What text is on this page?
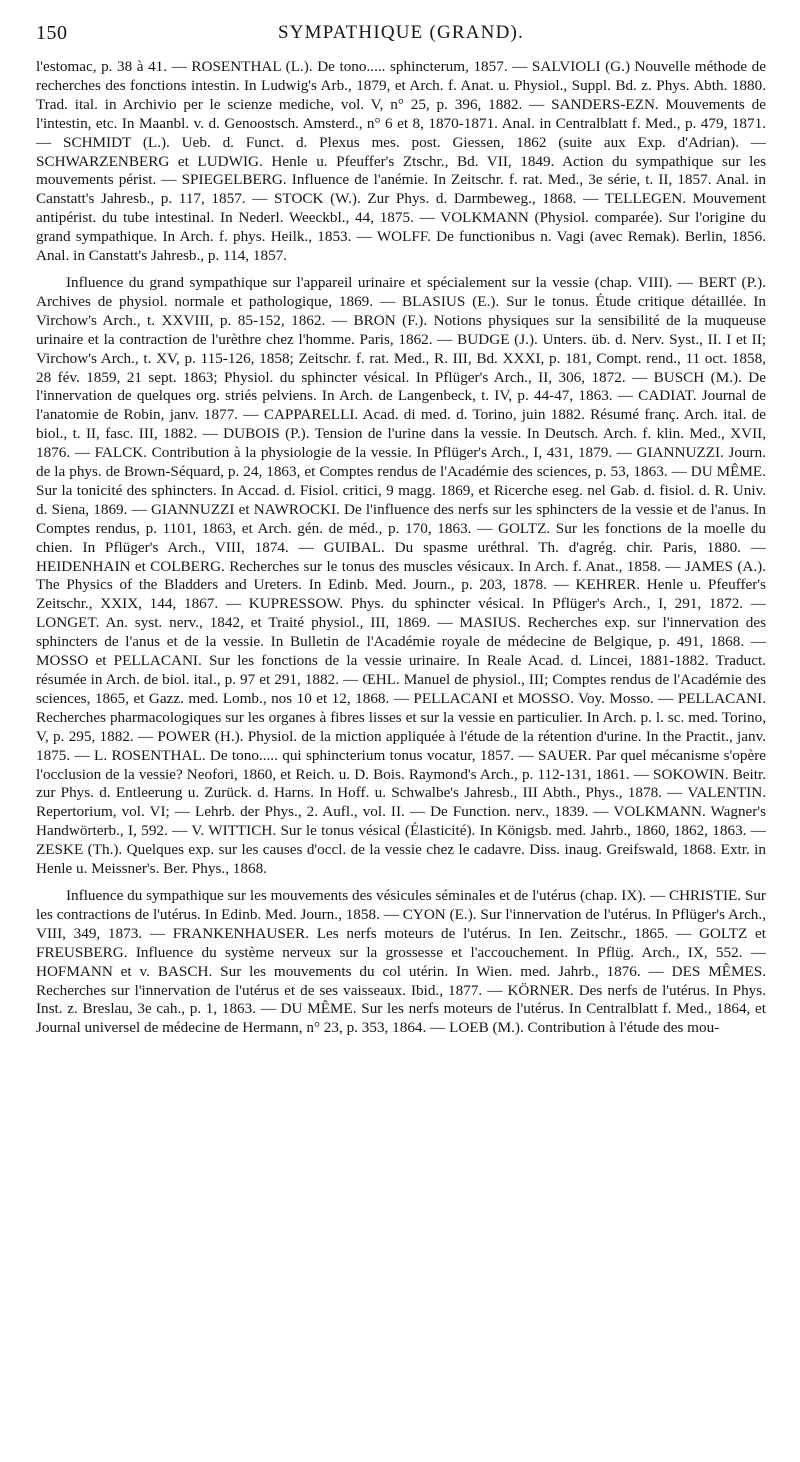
150	SYMPATHIQUE (GRAND).

l'estomac, p. 38 à 41. — ROSENTHAL (L.). De tono..... sphincterum, 1857. — SALVIOLI (G.) Nouvelle méthode de recherches des fonctions intestin. In Ludwig's Arb., 1879, et Arch. f. Anat. u. Physiol., Suppl. Bd. z. Phys. Abth. 1880. Trad. ital. in Archivio per le scienze mediche, vol. V, n° 25, p. 396, 1882. — SANDERS-EZN. Mouvements de l'intestin, etc. In Maanbl. v. d. Genoostsch. Amsterd., n° 6 et 8, 1870-1871. Anal. in Centralblatt f. Med., p. 479, 1871. — SCHMIDT (L.). Ueb. d. Funct. d. Plexus mes. post. Giessen, 1862 (suite aux Exp. d'Adrian). — SCHWARZENBERG et LUDWIG. Henle u. Pfeuffer's Ztschr., Bd. VII, 1849. Action du sympathique sur les mouvements périst. — SPIEGELBERG. Influence de l'anémie. In Zeitschr. f. rat. Med., 3e série, t. II, 1857. Anal. in Canstatt's Jahresb., p. 117, 1857. — STOCK (W.). Zur Phys. d. Darmbeweg., 1868. — TELLEGEN. Mouvement antipérist. du tube intestinal. In Nederl. Weeckbl., 44, 1875. — VOLKMANN (Physiol. comparée). Sur l'origine du grand sympathique. In Arch. f. phys. Heilk., 1853. — WOLFF. De functionibus n. Vagi (avec Remak). Berlin, 1856. Anal. in Canstatt's Jahresb., p. 114, 1857.

Influence du grand sympathique sur l'appareil urinaire et spécialement sur la vessie (chap. VIII). — BERT (P.). Archives de physiol. normale et pathologique, 1869. — BLASIUS (E.). Sur le tonus. Étude critique détaillée. In Virchow's Arch., t. XXVIII, p. 85-152, 1862. — BRON (F.). Notions physiques sur la sensibilité de la muqueuse urinaire et la contraction de l'urèthre chez l'homme. Paris, 1862. — BUDGE (J.). Unters. üb. d. Nerv. Syst., II. I et II; Virchow's Arch., t. XV, p. 115-126, 1858; Zeitschr. f. rat. Med., R. III, Bd. XXXI, p. 181, Compt. rend., 11 oct. 1858, 28 fév. 1859, 21 sept. 1863; Physiol. du sphincter vésical. In Pflüger's Arch., II, 306, 1872. — BUSCH (M.). De l'innervation de quelques org. striés pelviens. In Arch. de Langenbeck, t. IV, p. 44-47, 1863. — CADIAT. Journal de l'anatomie de Robin, janv. 1877. — CAPPARELLI. Acad. di med. d. Torino, juin 1882. Résumé franç. Arch. ital. de biol., t. II, fasc. III, 1882. — DUBOIS (P.). Tension de l'urine dans la vessie. In Deutsch. Arch. f. klin. Med., XVII, 1876. — FALCK. Contribution à la physiologie de la vessie. In Pflüger's Arch., I, 431, 1879. — GIANNUZZI. Journ. de la phys. de Brown-Séquard, p. 24, 1863, et Comptes rendus de l'Académie des sciences, p. 53, 1863. — DU MÊME. Sur la tonicité des sphincters. In Accad. d. Fisiol. critici, 9 magg. 1869, et Ricerche eseg. nel Gab. d. fisiol. d. R. Univ. d. Siena, 1869. — GIANNUZZI et NAWROCKI. De l'influence des nerfs sur les sphincters de la vessie et de l'anus. In Comptes rendus, p. 1101, 1863, et Arch. gén. de méd., p. 170, 1863. — GOLTZ. Sur les fonctions de la moelle du chien. In Pflüger's Arch., VIII, 1874. — GUIBAL. Du spasme uréthral. Th. d'agrég. chir. Paris, 1880. — HEIDENHAIN et COLBERG. Recherches sur le tonus des muscles vésicaux. In Arch. f. Anat., 1858. — JAMES (A.). The Physics of the Bladders and Ureters. In Edinb. Med. Journ., p. 203, 1878. — KEHRER. Henle u. Pfeuffer's Zeitschr., XXIX, 144, 1867. — KUPRESSOW. Phys. du sphincter vésical. In Pflüger's Arch., I, 291, 1872. — LONGET. An. syst. nerv., 1842, et Traité physiol., III, 1869. — MASIUS. Recherches exp. sur l'innervation des sphincters de l'anus et de la vessie. In Bulletin de l'Académie royale de médecine de Belgique, p. 491, 1868. — MOSSO et PELLACANI. Sur les fonctions de la vessie urinaire. In Reale Acad. d. Lincei, 1881-1882. Traduct. résumée in Arch. de biol. ital., p. 97 et 291, 1882. — ŒHL. Manuel de physiol., III; Comptes rendus de l'Académie des sciences, 1865, et Gazz. med. Lomb., nos 10 et 12, 1868. — PELLACANI et MOSSO. Voy. Mosso. — PELLACANI. Recherches pharmacologiques sur les organes à fibres lisses et sur la vessie en particulier. In Arch. p. l. sc. med. Torino, V, p. 295, 1882. — POWER (H.). Physiol. de la miction appliquée à l'étude de la rétention d'urine. In the Practit., janv. 1875. — L. ROSENTHAL. De tono..... qui sphincterium tonus vocatur, 1857. — SAUER. Par quel mécanisme s'opère l'occlusion de la vessie? Neofori, 1860, et Reich. u. D. Bois. Raymond's Arch., p. 112-131, 1861. — SOKOWIN. Beitr. zur Phys. d. Entleerung u. Zurück. d. Harns. In Hoff. u. Schwalbe's Jahresb., III Abth., Phys., 1878. — VALENTIN. Repertorium, vol. VI; — Lehrb. der Phys., 2. Aufl., vol. II. — De Function. nerv., 1839. — VOLKMANN. Wagner's Handwörterb., I, 592. — V. WITTICH. Sur le tonus vésical (Élasticité). In Königsb. med. Jahrb., 1860, 1862, 1863. — ZESKE (Th.). Quelques exp. sur les causes d'occl. de la vessie chez le cadavre. Diss. inaug. Greifswald, 1868. Extr. in Henle u. Meissner's. Ber. Phys., 1868.

Influence du sympathique sur les mouvements des vésicules séminales et de l'utérus (chap. IX). — CHRISTIE. Sur les contractions de l'utérus. In Edinb. Med. Journ., 1858. — CYON (E.). Sur l'innervation de l'utérus. In Pflüger's Arch., VIII, 349, 1873. — FRANKENHAUSER. Les nerfs moteurs de l'utérus. In Ien. Zeitschr., 1865. — GOLTZ et FREUSBERG. Influence du système nerveux sur la grossesse et l'accouchement. In Pflüg. Arch., IX, 552. — HOFMANN et v. BASCH. Sur les mouvements du col utérin. In Wien. med. Jahrb., 1876. — DES MÊMES. Recherches sur l'innervation de l'utérus et de ses vaisseaux. Ibid., 1877. — KÖRNER. Des nerfs de l'utérus. In Phys. Inst. z. Breslau, 3e cah., p. 1, 1863. — DU MÊME. Sur les nerfs moteurs de l'utérus. In Centralblatt f. Med., 1864, et Journal universel de médecine de Hermann, n° 23, p. 353, 1864. — LOEB (M.). Contribution à l'étude des mou-
